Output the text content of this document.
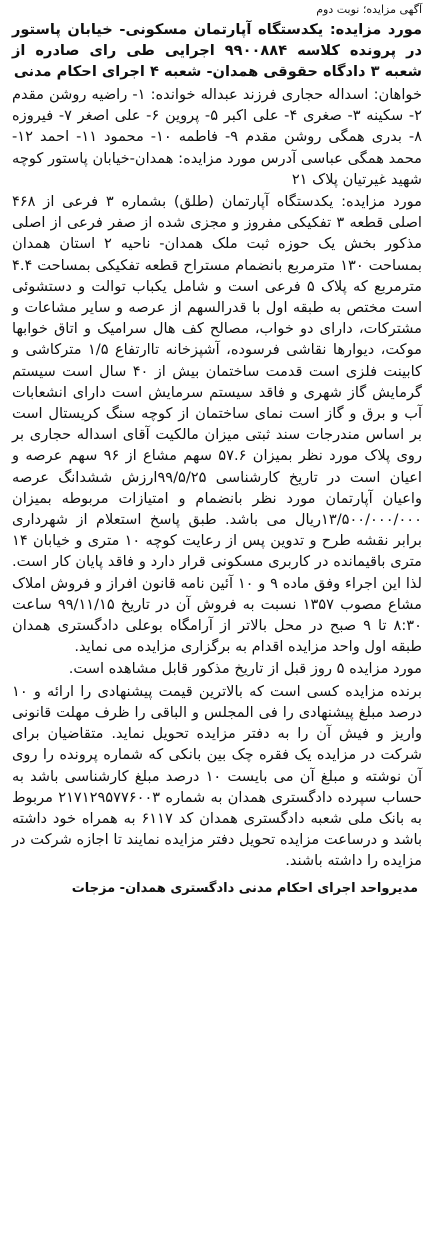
آگهی مزایده؛ نوبت دوم
مورد مزایده: یکدستگاه آپارتمان مسکونی- خیابان پاستور در پرونده کلاسه ۹۹۰۰۸۸۴ اجرایی طی رای صادره از شعبه ۳ دادگاه حقوقی همدان- شعبه ۴ اجرای احکام مدنی
خواهان: اسداله حجاری فرزند عبداله خوانده: ۱- راضیه روشن مقدم ۲- سکینه ۳- صغری ۴- علی اکبر ۵- پروین ۶- علی اصغر ۷- فیروزه ۸- بدری همگی روشن مقدم ۹- فاطمه ۱۰- محمود ۱۱- احمد ۱۲- محمد همگی عباسی آدرس مورد مزایده: همدان-خیابان پاستور کوچه شهید غیرتیان پلاک ۲۱
مورد مزایده: یکدستگاه آپارتمان (طلق) بشماره ۳ فرعی از ۴۶۸ اصلی قطعه ۳ تفکیکی مفروز و مجزی شده از صفر فرعی از اصلی مذکور بخش یک حوزه ثبت ملک همدان- ناحیه ۲ استان همدان بمساحت ۱۳۰ مترمربع بانضمام مستراح قطعه تفکیکی بمساحت ۴.۴ مترمربع که پلاک ۵ فرعی است و شامل یکباب توالت و دستشوئی است مختص به طبقه اول با قدرالسهم از عرصه و سایر مشاعات و مشترکات، دارای دو خواب، مصالح کف هال سرامیک و اتاق خوابها موکت، دیوارها نقاشی فرسوده، آشپزخانه تاارتفاع ۱/۵ مترکاشی و کابینت فلزی است قدمت ساختمان بیش از ۴۰ سال است سیستم گرمایش گاز شهری و فاقد سیستم سرمایش است دارای انشعابات آب و برق و گاز است نمای ساختمان از کوچه سنگ کریستال است بر اساس مندرجات سند ثبتی میزان مالکیت آقای اسداله حجاری بر روی پلاک مورد نظر بمیزان ۵۷.۶ سهم مشاع از ۹۶ سهم عرصه و اعیان است در تاریخ کارشناسی ۹۹/۵/۲۵ارزش ششدانگ عرصه واعیان آپارتمان مورد نظر بانضمام و امتیازات مربوطه بمیزان ۱۳/۵۰۰/۰۰۰/۰۰۰ریال می باشد. طبق پاسخ استعلام از شهرداری برابر نقشه طرح و تدوین پس از رعایت کوچه ۱۰ متری و خیابان ۱۴ متری باقیمانده در کاربری مسکونی قرار دارد و فاقد پایان کار است. لذا این اجراء وفق ماده ۹ و ۱۰ آئین نامه قانون افراز و فروش املاک مشاع مصوب ۱۳۵۷ نسبت به فروش آن در تاریخ ۹۹/۱۱/۱۵ ساعت ۸:۳۰ تا ۹ صبح در محل بالاتر از آرامگاه بوعلی دادگستری همدان طبقه اول واحد مزایده اقدام به برگزاری مزایده می نماید.
مورد مزایده ۵ روز قبل از تاریخ مذکور قابل مشاهده است.
برنده مزایده کسی است که بالاترین قیمت پیشنهادی را ارائه و ۱۰ درصد مبلغ پیشنهادی را فی المجلس و الباقی را ظرف مهلت قانونی واریز و فیش آن را به دفتر مزایده تحویل نماید. متقاضیان برای شرکت در مزایده یک فقره چک بین بانکی که شماره پرونده را روی آن نوشته و مبلغ آن می بایست ۱۰ درصد مبلغ کارشناسی باشد به حساب سپرده دادگستری همدان به شماره ۲۱۷۱۲۹۵۷۷۶۰۰۳ مربوط به بانک ملی شعبه دادگستری همدان کد ۶۱۱۷ به همراه خود داشته باشد و درساعت مزایده تحویل دفتر مزایده نمایند تا اجازه شرکت در مزایده را داشته باشند.
مدیرواحد اجرای احکام مدنی دادگستری همدان- مزجات
